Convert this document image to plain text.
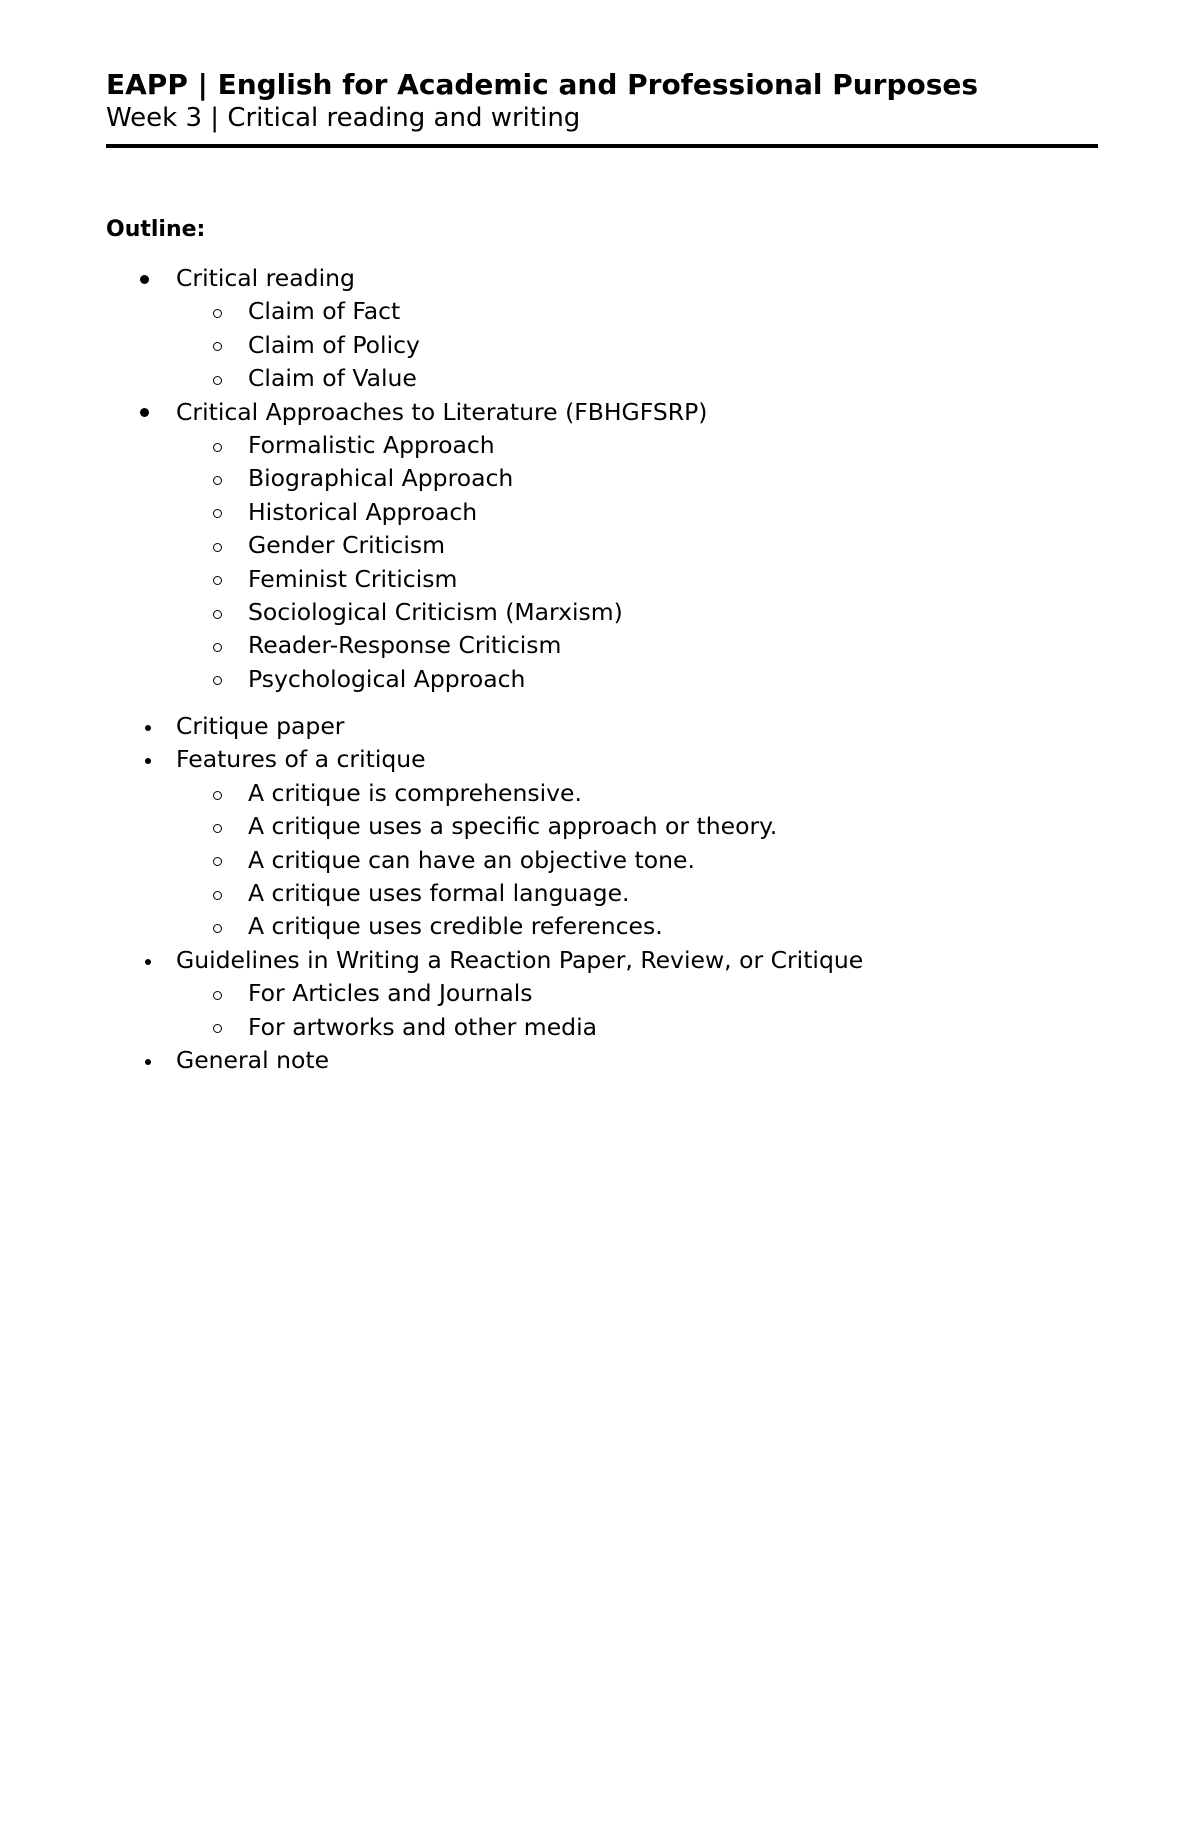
EAPP | English for Academic and Professional Purposes
Week 3 | Critical reading and writing
Outline:
Critical reading
Claim of Fact
Claim of Policy
Claim of Value
Critical Approaches to Literature (FBHGFSRP)
Formalistic Approach
Biographical Approach
Historical Approach
Gender Criticism
Feminist Criticism
Sociological Criticism (Marxism)
Reader-Response Criticism
Psychological Approach
Critique paper
Features of a critique
A critique is comprehensive.
A critique uses a specific approach or theory.
A critique can have an objective tone.
A critique uses formal language.
A critique uses credible references.
Guidelines in Writing a Reaction Paper, Review, or Critique
For Articles and Journals
For artworks and other media
General note
